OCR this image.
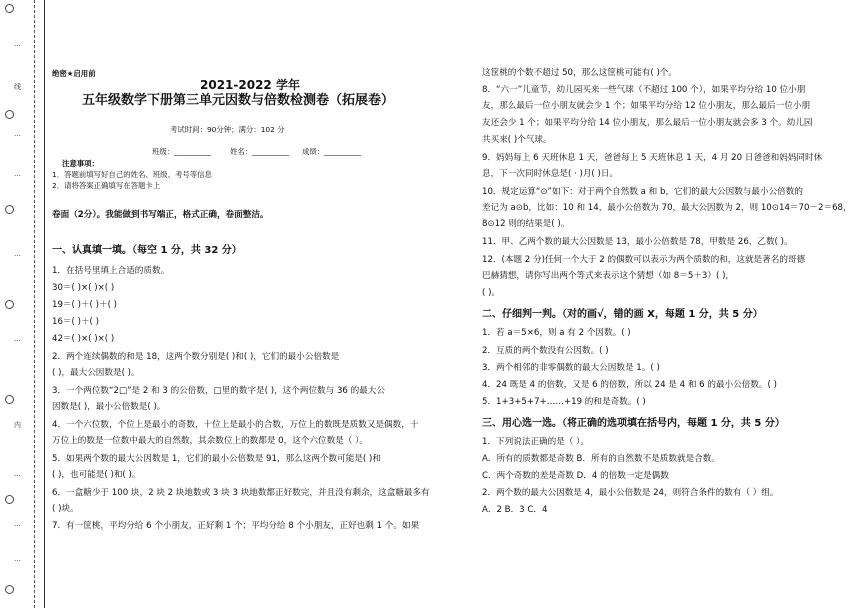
…
线
…
…
…
…
内
…
…
…
绝密★启用前
2021-2022 学年
五年级数学下册第三单元因数与倍数检测卷（拓展卷）
考试时间：90分钟；满分：102 分
班级：__________	姓名：__________ 成绩：__________
注意事项：
1．答题前填写好自己的姓名、班级、考号等信息
2．请将答案正确填写在答题卡上
卷面（2分）。我能做到书写端正，格式正确，卷面整洁。
一、认真填一填。（每空 1 分，共 32 分）
1．在括号里填上合适的质数。
30＝( )×( )×( )
19＝( )＋( )＋( )
16＝( )＋( )
42＝( )×( )×( )
2．两个连续偶数的和是 18，这两个数分别是( )和( )，它们的最小公倍数是
( )，最大公因数是( )。
3．一个两位数“2□”是 2 和 3 的公倍数，□里的数字是( )，这个两位数与 36 的最大公
因数是( )，最小公倍数是( )。
4．一个六位数，个位上是最小的奇数，十位上是最小的合数，万位上的数既是质数又是偶数，十
万位上的数是一位数中最大的自然数，其余数位上的数都是 0，这个六位数是（ ）。
5．如果两个数的最大公因数是 1，它们的最小公倍数是 91，那么这两个数可能是( )和
( )，也可能是( )和( )。
6．一盒糖少于 100 块，2 块 2 块地数或 3 块 3 块地数都正好数完，并且没有剩余，这盒糖最多有
( )块。
7．有一筐桃，平均分给 6 个小朋友，正好剩 1 个；平均分给 8 个小朋友，正好也剩 1 个。如果
这筐桃的个数不超过 50，那么这筐桃可能有( )个。
8．“六一”儿童节，幼儿园买来一些气球（不超过 100 个），如果平均分给 10 位小朋
友，那么最后一位小朋友就会少 1 个；如果平均分给 12 位小朋友，那么最后一位小朋
友还会少 1 个；如果平均分给 14 位小朋友，那么最后一位小朋友就会多 3 个。幼儿园
共买来( )个气球。
9．妈妈每上 6 天班休息 1 天，爸爸每上 5 天班休息 1 天，4 月 20 日爸爸和妈妈同时休
息，下一次同时休息是( · )月( )日。
10．规定运算“⊙”如下：对于两个自然数 a 和 b，它们的最大公因数与最小公倍数的
差记为 a⊙b，比如：10 和 14，最小公倍数为 70，最大公因数为 2，则 10⊙14＝70－2＝68，
8⊙12 则的结果是( )。
11．甲、乙两个数的最大公因数是 13，最小公倍数是 78，甲数是 26，乙数( )。
12．(本题 2 分)任何一个大于 2 的偶数可以表示为两个质数的和，这就是著名的哥德
巴赫猜想，请你写出两个等式来表示这个猜想（如 8＝5＋3）( )，
( )。
二、仔细判一判。（对的画√，错的画 X，每题 1 分，共 5 分）
1．若 a＝5×6，则 a 有 2 个因数。( )
2．互质的两个数没有公因数。( )
3．两个相邻的非零偶数的最大公因数是 1。( )
4．24 既是 4 的倍数，又是 6 的倍数，所以 24 是 4 和 6 的最小公倍数。( )
5．1+3+5+7+……+19 的和是奇数。( )
三、用心选一选。（将正确的选项填在括号内，每题 1 分，共 5 分）
1．下列说法正确的是（ ）。
A．所有的质数都是奇数 B．所有的自然数不是质数就是合数。
C．两个奇数的差是奇数 D．4 的倍数一定是偶数
2．两个数的最大公因数是 4，最小公倍数是 24，则符合条件的数有（ ）组。
A．2 B．3 C．4
